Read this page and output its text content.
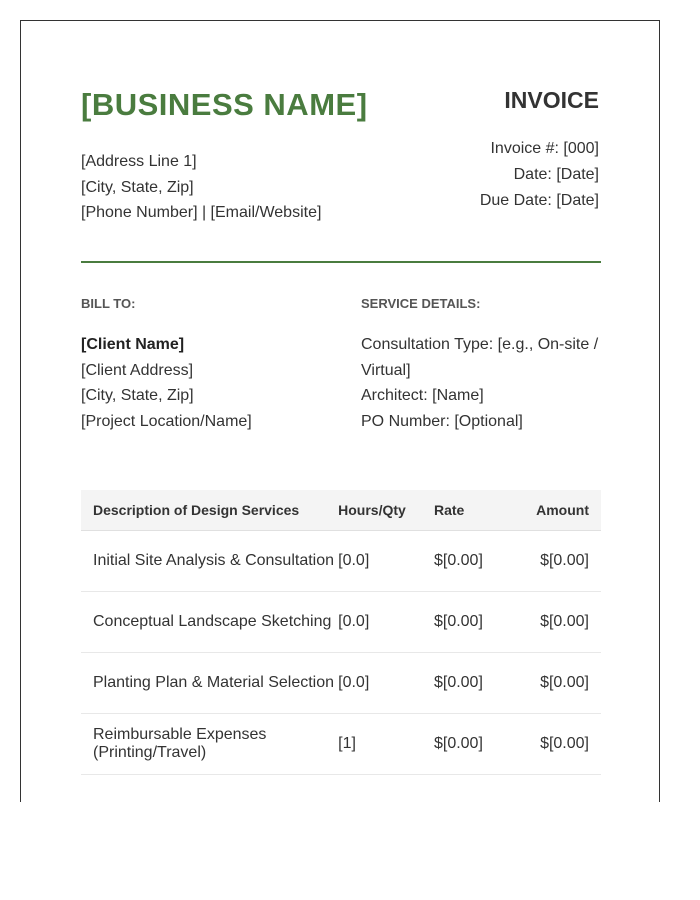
[BUSINESS NAME]
[Address Line 1]
[City, State, Zip]
[Phone Number] | [Email/Website]
INVOICE
Invoice #: [000]
Date: [Date]
Due Date: [Date]
BILL TO:	SERVICE DETAILS:
[Client Name]
[Client Address]
[City, State, Zip]
[Project Location/Name]
Consultation Type: [e.g., On-site / Virtual]
Architect: [Name]
PO Number: [Optional]
Description of Design Services	Hours/Qty	Rate	Amount
Initial Site Analysis & Consultation	[0.0]	$[0.00]	$[0.00]
Conceptual Landscape Sketching	[0.0]	$[0.00]	$[0.00]
Planting Plan & Material Selection	[0.0]	$[0.00]	$[0.00]
Reimbursable Expenses (Printing/Travel)	[1]	$[0.00]	$[0.00]
